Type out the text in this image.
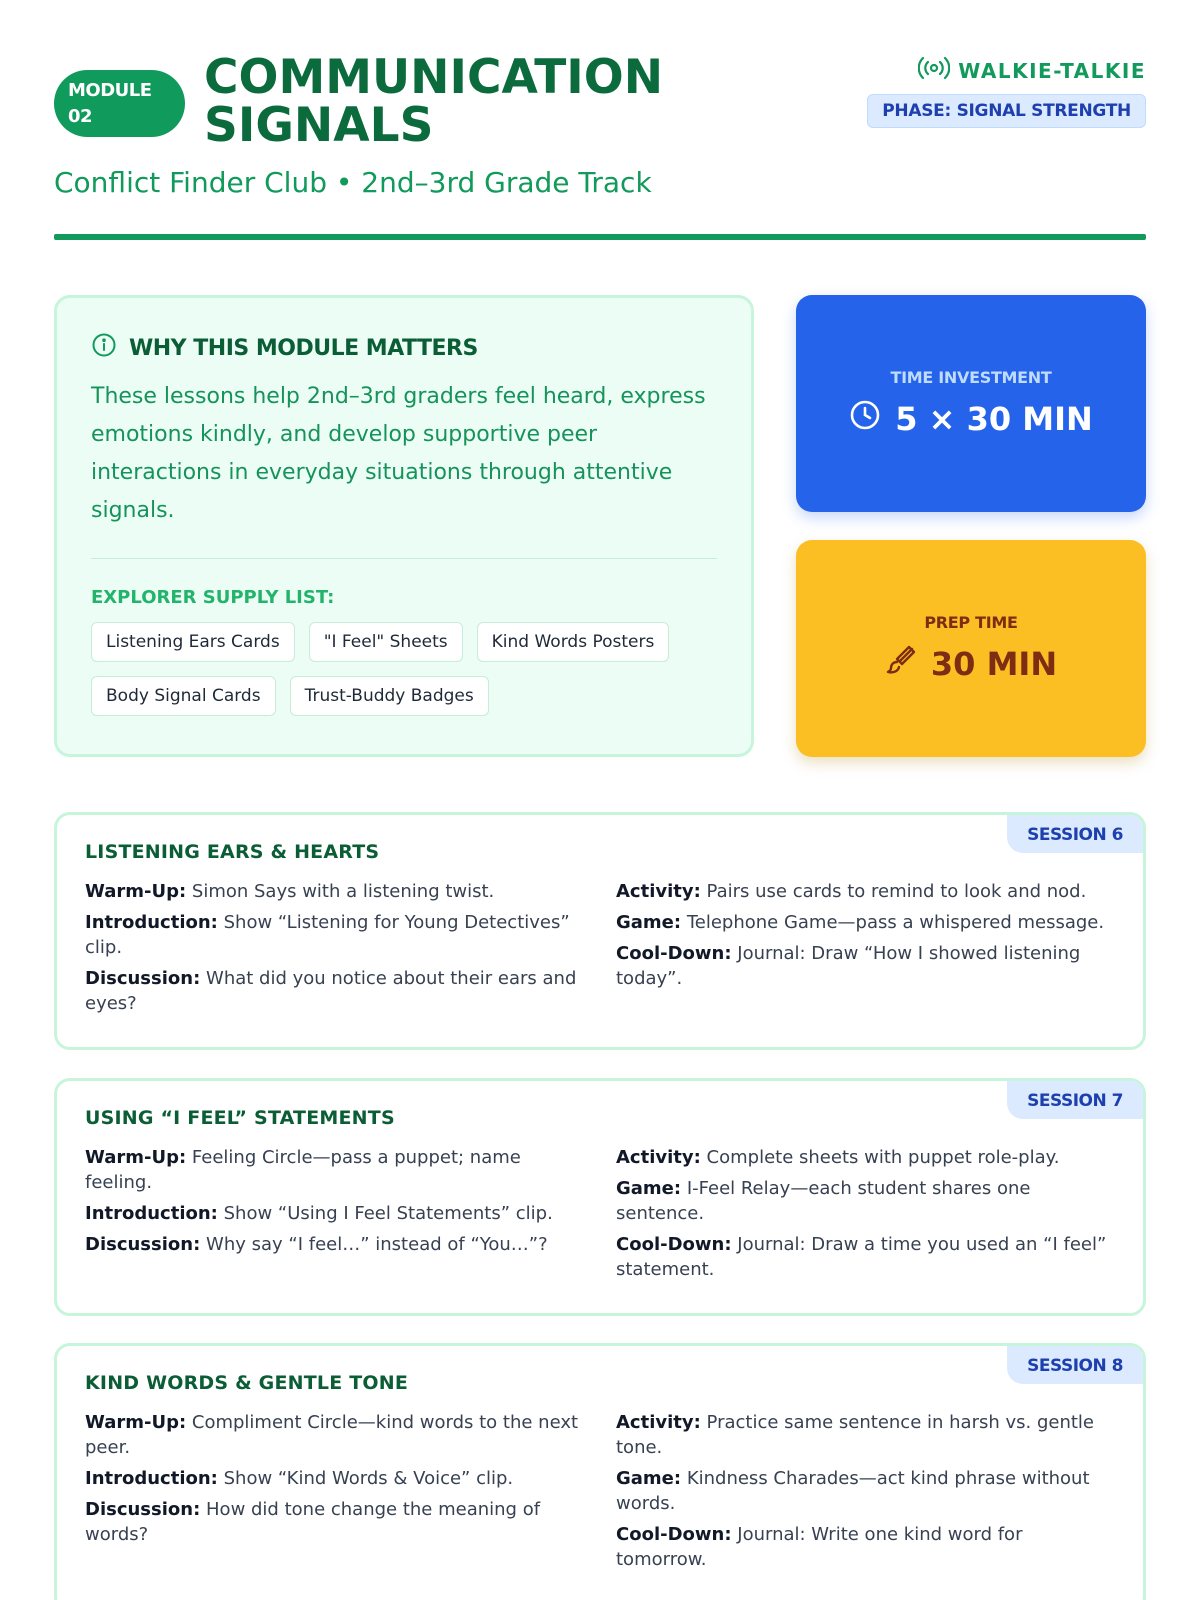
MODULE
02
COMMUNICATION
SIGNALS
Conflict Finder Club • 2nd–3rd Grade Track
WALKIE-TALKIE
PHASE: SIGNAL STRENGTH
WHY THIS MODULE MATTERS
These lessons help 2nd–3rd graders feel heard, express emotions kindly, and develop supportive peer interactions in everyday situations through attentive signals.
EXPLORER SUPPLY LIST:
Listening Ears Cards	"I Feel" Sheets	Kind Words Posters
Body Signal Cards	Trust-Buddy Badges
TIME INVESTMENT
5 × 30 MIN
PREP TIME
30 MIN
SESSION 6
LISTENING EARS & HEARTS
Warm-Up: Simon Says with a listening twist.
Introduction: Show “Listening for Young Detectives” clip.
Discussion: What did you notice about their ears and eyes?
Activity: Pairs use cards to remind to look and nod.
Game: Telephone Game—pass a whispered message.
Cool-Down: Journal: Draw “How I showed listening today”.
SESSION 7
USING “I FEEL” STATEMENTS
Warm-Up: Feeling Circle—pass a puppet; name feeling.
Introduction: Show “Using I Feel Statements” clip.
Discussion: Why say “I feel…” instead of “You…”?
Activity: Complete sheets with puppet role-play.
Game: I-Feel Relay—each student shares one sentence.
Cool-Down: Journal: Draw a time you used an “I feel” statement.
SESSION 8
KIND WORDS & GENTLE TONE
Warm-Up: Compliment Circle—kind words to the next peer.
Introduction: Show “Kind Words & Voice” clip.
Discussion: How did tone change the meaning of words?
Activity: Practice same sentence in harsh vs. gentle tone.
Game: Kindness Charades—act kind phrase without words.
Cool-Down: Journal: Write one kind word for tomorrow.
